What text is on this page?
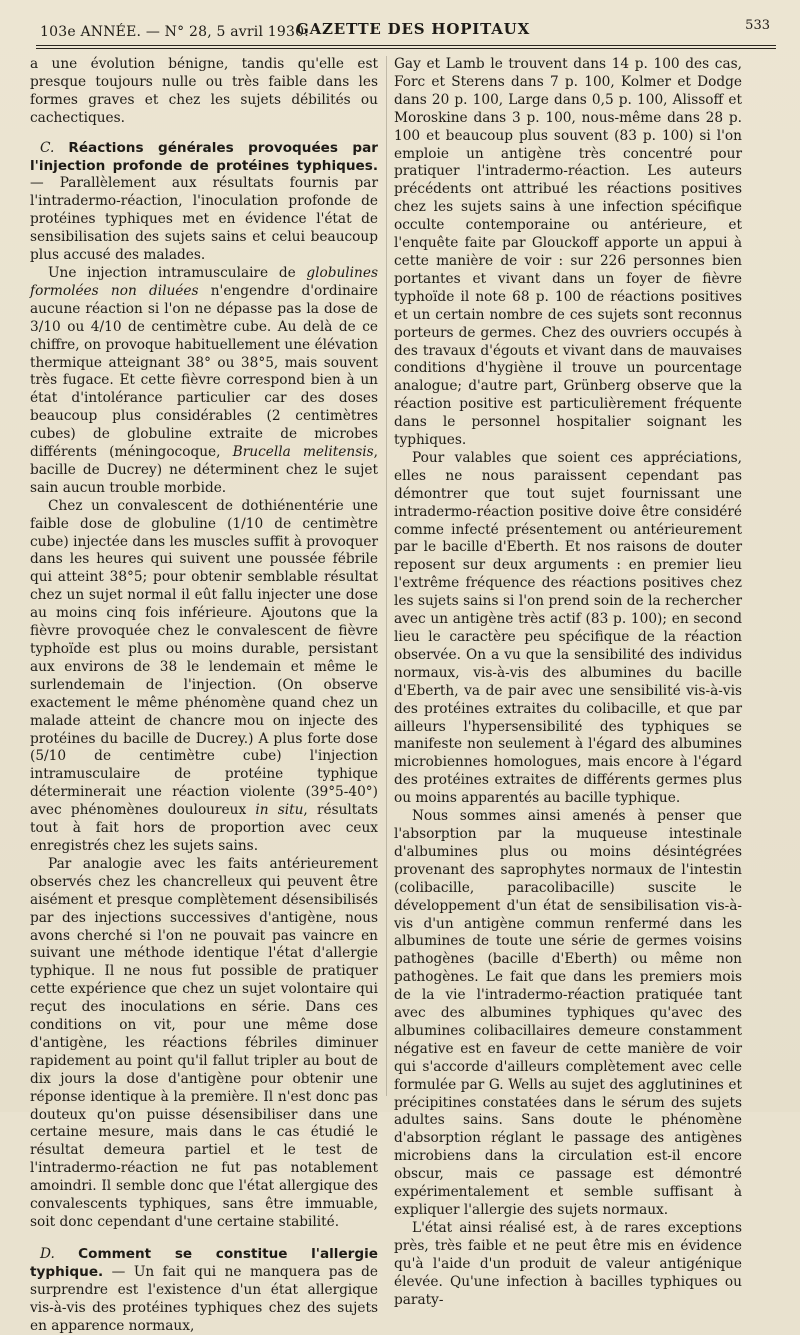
103e ANNÉE. — N° 28, 5 avril 1930.
GAZETTE DES HOPITAUX	533

a une évolution bénigne, tandis qu'elle est presque toujours nulle ou très faible dans les formes graves et chez les sujets débilités ou cachectiques.

C. Réactions générales provoquées par l'injection profonde de protéines typhiques. — Parallèlement aux résultats fournis par l'intradermo-réaction, l'inoculation profonde de protéines typhiques met en évidence l'état de sensibilisation des sujets sains et celui beaucoup plus accusé des malades.

Une injection intramusculaire de globulines formolées non diluées n'engendre d'ordinaire aucune réaction si l'on ne dépasse pas la dose de 3/10 ou 4/10 de centimètre cube. Au delà de ce chiffre, on provoque habituellement une élévation thermique atteignant 38° ou 38°5, mais souvent très fugace. Et cette fièvre correspond bien à un état d'intolérance particulier car des doses beaucoup plus considérables (2 centimètres cubes) de globuline extraite de microbes différents (méningocoque, Brucella melitensis, bacille de Ducrey) ne déterminent chez le sujet sain aucun trouble morbide.

Chez un convalescent de dothiénentérie une faible dose de globuline (1/10 de centimètre cube) injectée dans les muscles suffit à provoquer dans les heures qui suivent une poussée fébrile qui atteint 38°5; pour obtenir semblable résultat chez un sujet normal il eût fallu injecter une dose au moins cinq fois inférieure. Ajoutons que la fièvre provoquée chez le convalescent de fièvre typhoïde est plus ou moins durable, persistant aux environs de 38 le lendemain et même le surlendemain de l'injection. (On observe exactement le même phénomène quand chez un malade atteint de chancre mou on injecte des protéines du bacille de Ducrey.) A plus forte dose (5/10 de centimètre cube) l'injection intramusculaire de protéine typhique déterminerait une réaction violente (39°5-40°) avec phénomènes douloureux in situ, résultats tout à fait hors de proportion avec ceux enregistrés chez les sujets sains.

Par analogie avec les faits antérieurement observés chez les chancrelleux qui peuvent être aisément et presque complètement désensibilisés par des injections successives d'antigène, nous avons cherché si l'on ne pouvait pas vaincre en suivant une méthode identique l'état d'allergie typhique. Il ne nous fut possible de pratiquer cette expérience que chez un sujet volontaire qui reçut des inoculations en série. Dans ces conditions on vit, pour une même dose d'antigène, les réactions fébriles diminuer rapidement au point qu'il fallut tripler au bout de dix jours la dose d'antigène pour obtenir une réponse identique à la première. Il n'est donc pas douteux qu'on puisse désensibiliser dans une certaine mesure, mais dans le cas étudié le résultat demeura partiel et le test de l'intradermo-réaction ne fut pas notablement amoindri. Il semble donc que l'état allergique des convalescents typhiques, sans être immuable, soit donc cependant d'une certaine stabilité.

D. Comment se constitue l'allergie typhique. — Un fait qui ne manquera pas de surprendre est l'existence d'un état allergique vis-à-vis des protéines typhiques chez des sujets en apparence normaux,

Gay et Lamb le trouvent dans 14 p. 100 des cas, Forc et Sterens dans 7 p. 100, Kolmer et Dodge dans 20 p. 100, Large dans 0,5 p. 100, Alissoff et Moroskine dans 3 p. 100, nous-même dans 28 p. 100 et beaucoup plus souvent (83 p. 100) si l'on emploie un antigène très concentré pour pratiquer l'intradermo-réaction. Les auteurs précédents ont attribué les réactions positives chez les sujets sains à une infection spécifique occulte contemporaine ou antérieure, et l'enquête faite par Glouckoff apporte un appui à cette manière de voir : sur 226 personnes bien portantes et vivant dans un foyer de fièvre typhoïde il note 68 p. 100 de réactions positives et un certain nombre de ces sujets sont reconnus porteurs de germes. Chez des ouvriers occupés à des travaux d'égouts et vivant dans de mauvaises conditions d'hygiène il trouve un pourcentage analogue; d'autre part, Grünberg observe que la réaction positive est particulièrement fréquente dans le personnel hospitalier soignant les typhiques.

Pour valables que soient ces appréciations, elles ne nous paraissent cependant pas démontrer que tout sujet fournissant une intradermo-réaction positive doive être considéré comme infecté présentement ou antérieurement par le bacille d'Eberth. Et nos raisons de douter reposent sur deux arguments : en premier lieu l'extrême fréquence des réactions positives chez les sujets sains si l'on prend soin de la rechercher avec un antigène très actif (83 p. 100); en second lieu le caractère peu spécifique de la réaction observée. On a vu que la sensibilité des individus normaux, vis-à-vis des albumines du bacille d'Eberth, va de pair avec une sensibilité vis-à-vis des protéines extraites du colibacille, et que par ailleurs l'hypersensibilité des typhiques se manifeste non seulement à l'égard des albumines microbiennes homologues, mais encore à l'égard des protéines extraites de différents germes plus ou moins apparentés au bacille typhique.

Nous sommes ainsi amenés à penser que l'absorption par la muqueuse intestinale d'albumines plus ou moins désintégrées provenant des saprophytes normaux de l'intestin (colibacille, paracolibacille) suscite le développement d'un état de sensibilisation vis-à-vis d'un antigène commun renfermé dans les albumines de toute une série de germes voisins pathogènes (bacille d'Eberth) ou même non pathogènes. Le fait que dans les premiers mois de la vie l'intradermo-réaction pratiquée tant avec des albumines typhiques qu'avec des albumines colibacillaires demeure constamment négative est en faveur de cette manière de voir qui s'accorde d'ailleurs complètement avec celle formulée par G. Wells au sujet des agglutinines et précipitines constatées dans le sérum des sujets adultes sains. Sans doute le phénomène d'absorption réglant le passage des antigènes microbiens dans la circulation est-il encore obscur, mais ce passage est démontré expérimentalement et semble suffisant à expliquer l'allergie des sujets normaux.

L'état ainsi réalisé est, à de rares exceptions près, très faible et ne peut être mis en évidence qu'à l'aide d'un produit de valeur antigénique élevée. Qu'une infection à bacilles typhiques ou paraty-
